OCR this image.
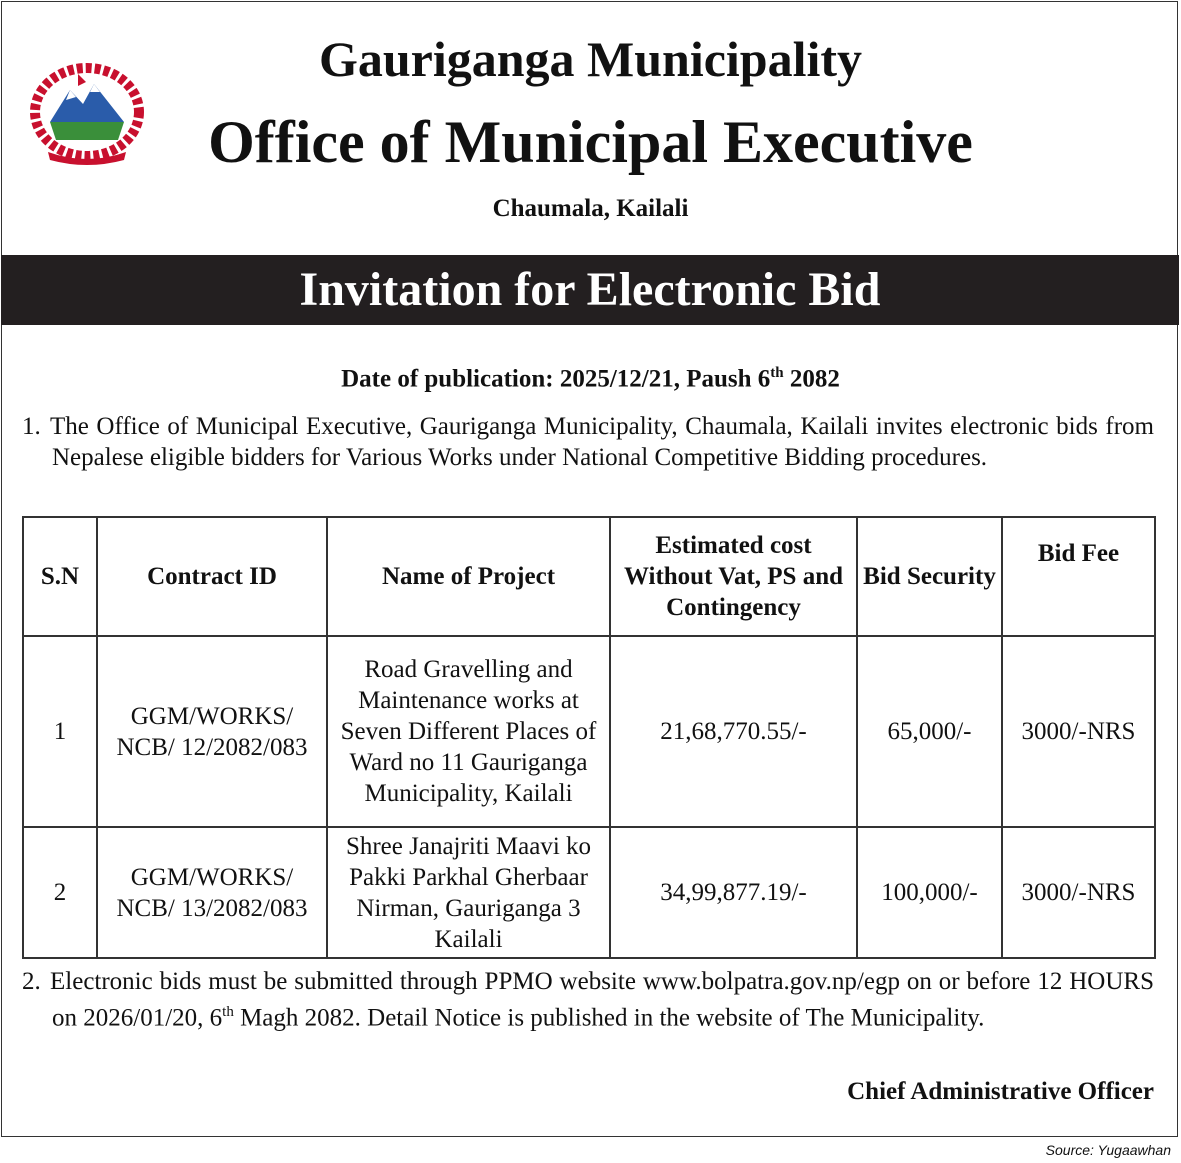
Gauriganga Municipality
Office of Municipal Executive
Chaumala, Kailali
Invitation for Electronic Bid
Date of publication: 2025/12/21, Paush 6th 2082
1. The Office of Municipal Executive, Gauriganga Municipality, Chaumala, Kailali invites electronic bids from Nepalese eligible bidders for Various Works under National Competitive Bidding procedures.
S.N	Contract ID	Name of Project	Estimated cost Without Vat, PS and Contingency	Bid Security	Bid Fee
1	GGM/WORKS/ NCB/ 12/2082/083	Road Gravelling and Maintenance works at Seven Different Places of Ward no 11 Gauriganga Municipality, Kailali	21,68,770.55/-	65,000/-	3000/-NRS
2	GGM/WORKS/ NCB/ 13/2082/083	Shree Janajriti Maavi ko Pakki Parkhal Gherbaar Nirman, Gauriganga 3 Kailali	34,99,877.19/-	100,000/-	3000/-NRS
2. Electronic bids must be submitted through PPMO website www.bolpatra.gov.np/egp on or before 12 HOURS on 2026/01/20, 6th Magh 2082. Detail Notice is published in the website of The Municipality.
Chief Administrative Officer
Source: Yugaawhan
